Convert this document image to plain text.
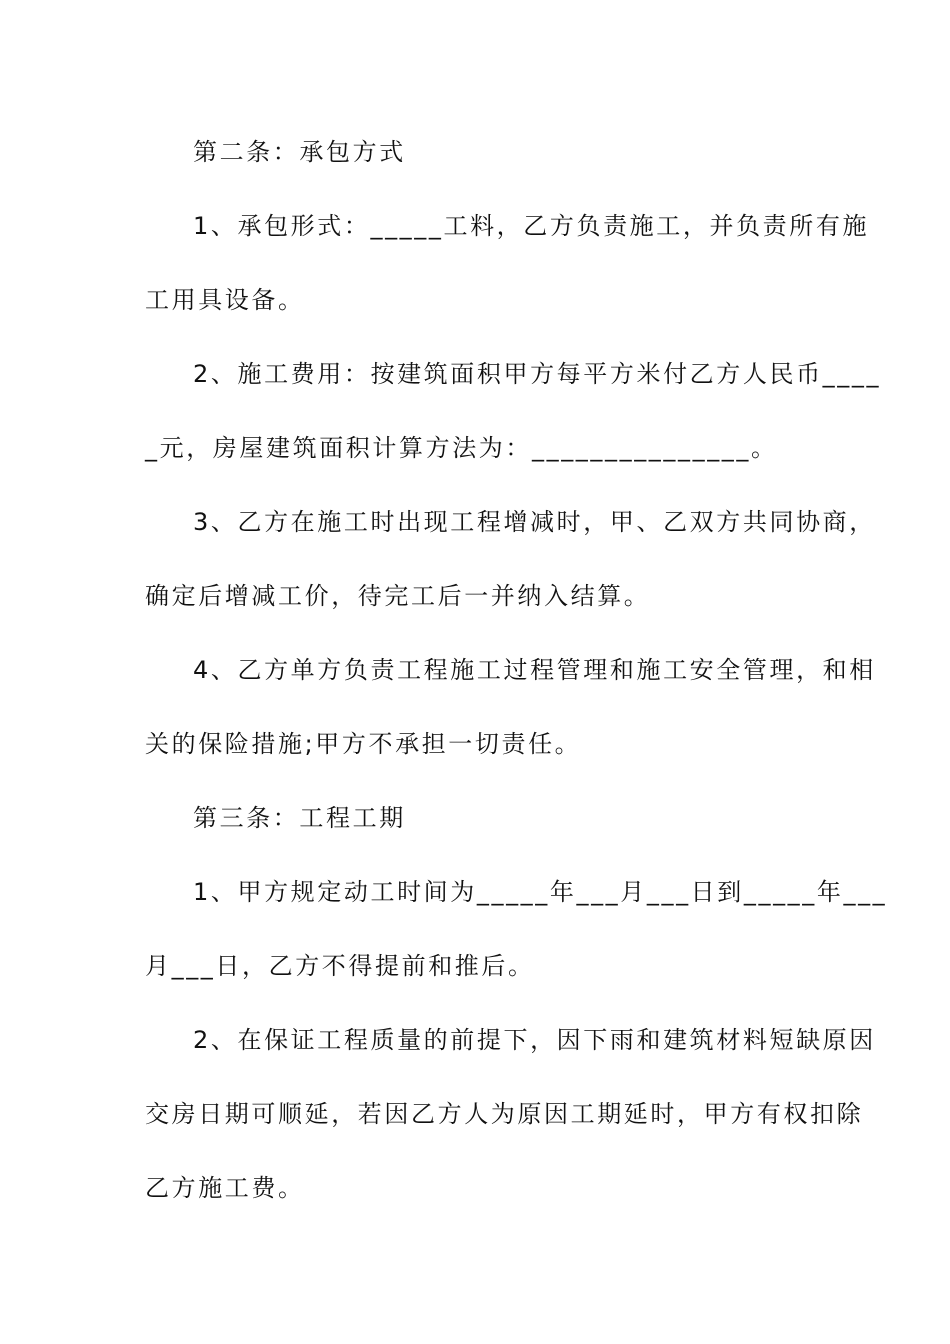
第二条：承包方式
1、承包形式：_____工料，乙方负责施工，并负责所有施
工用具设备。
2、施工费用：按建筑面积甲方每平方米付乙方人民币____
_元，房屋建筑面积计算方法为：_______________。
3、乙方在施工时出现工程增减时，甲、乙双方共同协商，
确定后增减工价，待完工后一并纳入结算。
4、乙方单方负责工程施工过程管理和施工安全管理，和相
关的保险措施;甲方不承担一切责任。
第三条：工程工期
1、甲方规定动工时间为_____年___月___日到_____年___
月___日，乙方不得提前和推后。
2、在保证工程质量的前提下，因下雨和建筑材料短缺原因
交房日期可顺延，若因乙方人为原因工期延时，甲方有权扣除
乙方施工费。
